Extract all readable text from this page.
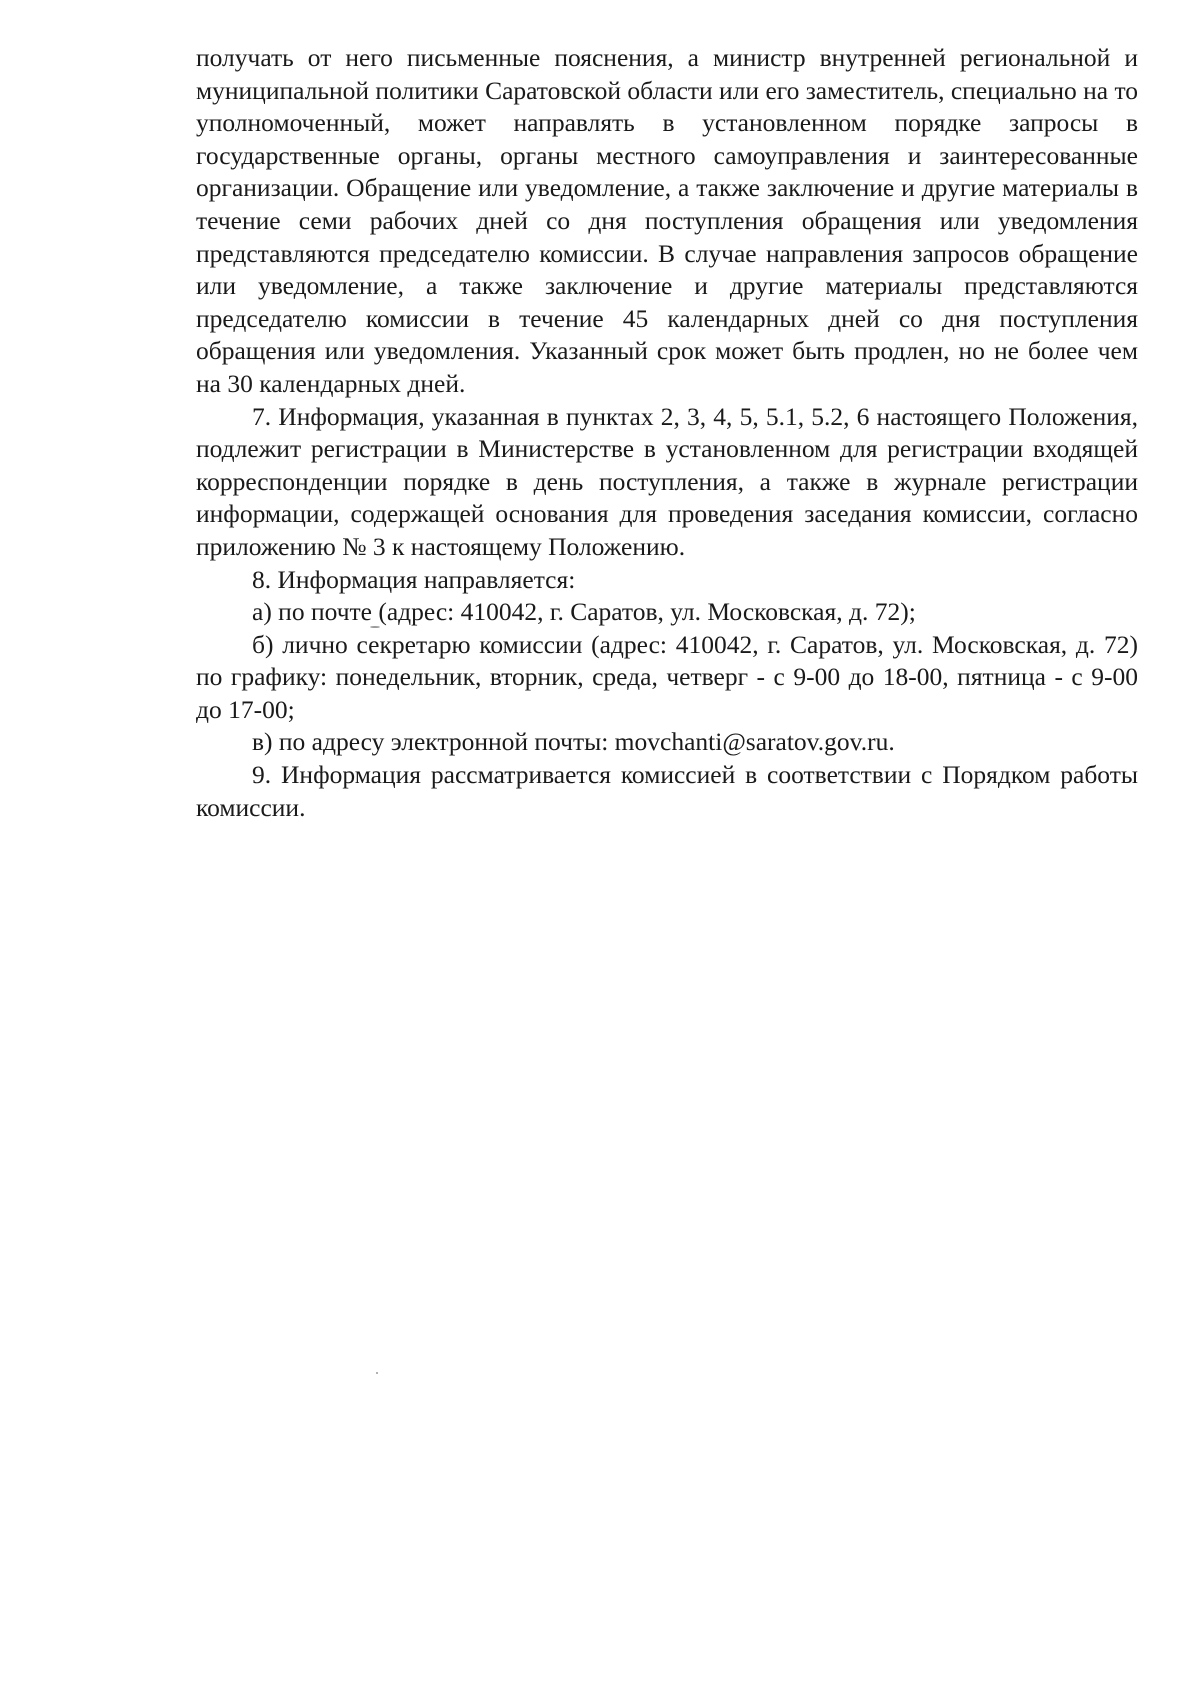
получать от него письменные пояснения, а министр внутренней региональной и муниципальной политики Саратовской области или его заместитель, специально на то уполномоченный, может направлять в установленном порядке запросы в государственные органы, органы местного самоуправления и заинтересованные организации. Обращение или уведомление, а также заключение и другие материалы в течение семи рабочих дней со дня поступления обращения или уведомления представляются председателю комиссии. В случае направления запросов обращение или уведомление, а также заключение и другие материалы представляются председателю комиссии в течение 45 календарных дней со дня поступления обращения или уведомления. Указанный срок может быть продлен, но не более чем на 30 календарных дней.

7. Информация, указанная в пунктах 2, 3, 4, 5, 5.1, 5.2, 6 настоящего Положения, подлежит регистрации в Министерстве в установленном для регистрации входящей корреспонденции порядке в день поступления, а также в журнале регистрации информации, содержащей основания для проведения заседания комиссии, согласно приложению № 3 к настоящему Положению.

8. Информация направляется:

а) по почте (адрес: 410042, г. Саратов, ул. Московская, д. 72);

б) лично секретарю комиссии (адрес: 410042, г. Саратов, ул. Московская, д. 72) по графику: понедельник, вторник, среда, четверг - с 9-00 до 18-00, пятница - с 9-00 до 17-00;

в) по адресу электронной почты: movchanti@saratov.gov.ru.

9. Информация рассматривается комиссией в соответствии с Порядком работы комиссии.
